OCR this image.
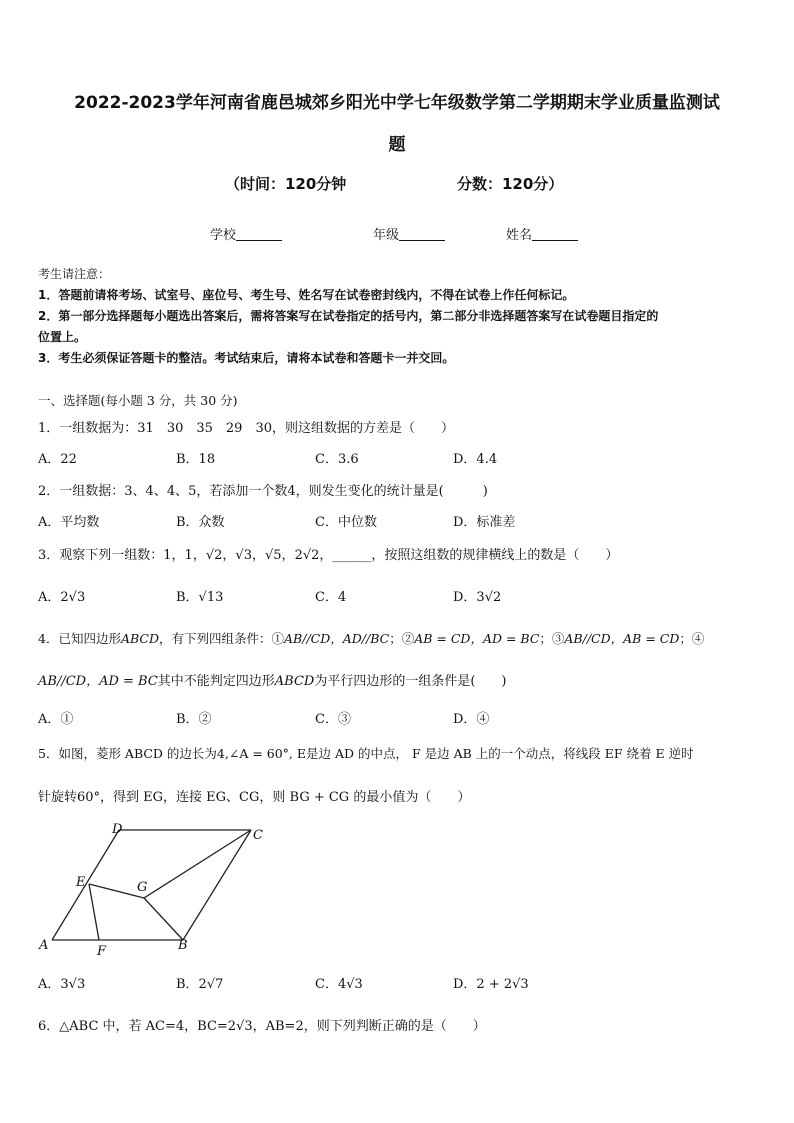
2022-2023学年河南省鹿邑城郊乡阳光中学七年级数学第二学期期末学业质量监测试
题
（时间：120分钟	分数：120分）
学校	年级	姓名
考生请注意：
1．答题前请将考场、试室号、座位号、考生号、姓名写在试卷密封线内，不得在试卷上作任何标记。
2．第一部分选择题每小题选出答案后，需将答案写在试卷指定的括号内，第二部分非选择题答案写在试卷题目指定的
位置上。
3．考生必须保证答题卡的整洁。考试结束后，请将本试卷和答题卡一并交回。
一、选择题(每小题 3 分，共 30 分)
1．一组数据为：31　30　35　29　30，则这组数据的方差是（　　）
A．22	B．18	C．3.6	D．4.4
2．一组数据：3、4、4、5，若添加一个数4，则发生变化的统计量是(　　　)
A．平均数	B．众数	C．中位数	D．标准差
3．观察下列一组数：1，1，√2，√3，√5，2√2，______，按照这组数的规律横线上的数是（　　）
A．2√3	B．√13	C．4	D．3√2
4．已知四边形ABCD，有下列四组条件：①AB//CD，AD//BC；②AB = CD，AD = BC；③AB//CD，AB = CD；④
AB//CD，AD = BC其中不能判定四边形ABCD为平行四边形的一组条件是(　　)
A．①	B．②	C．③	D．④
5．如图，菱形 ABCD 的边长为4,∠A = 60°, E是边 AD 的中点， F 是边 AB 上的一个动点，将线段 EF 绕着 E 逆时
针旋转60°，得到 EG，连接 EG、CG，则 BG + CG 的最小值为（　　）
A	F	B
E	G
D	C
A．3√3	B．2√7	C．4√3	D．2 + 2√3
6．△ABC 中，若 AC=4，BC=2√3，AB=2，则下列判断正确的是（　　）
